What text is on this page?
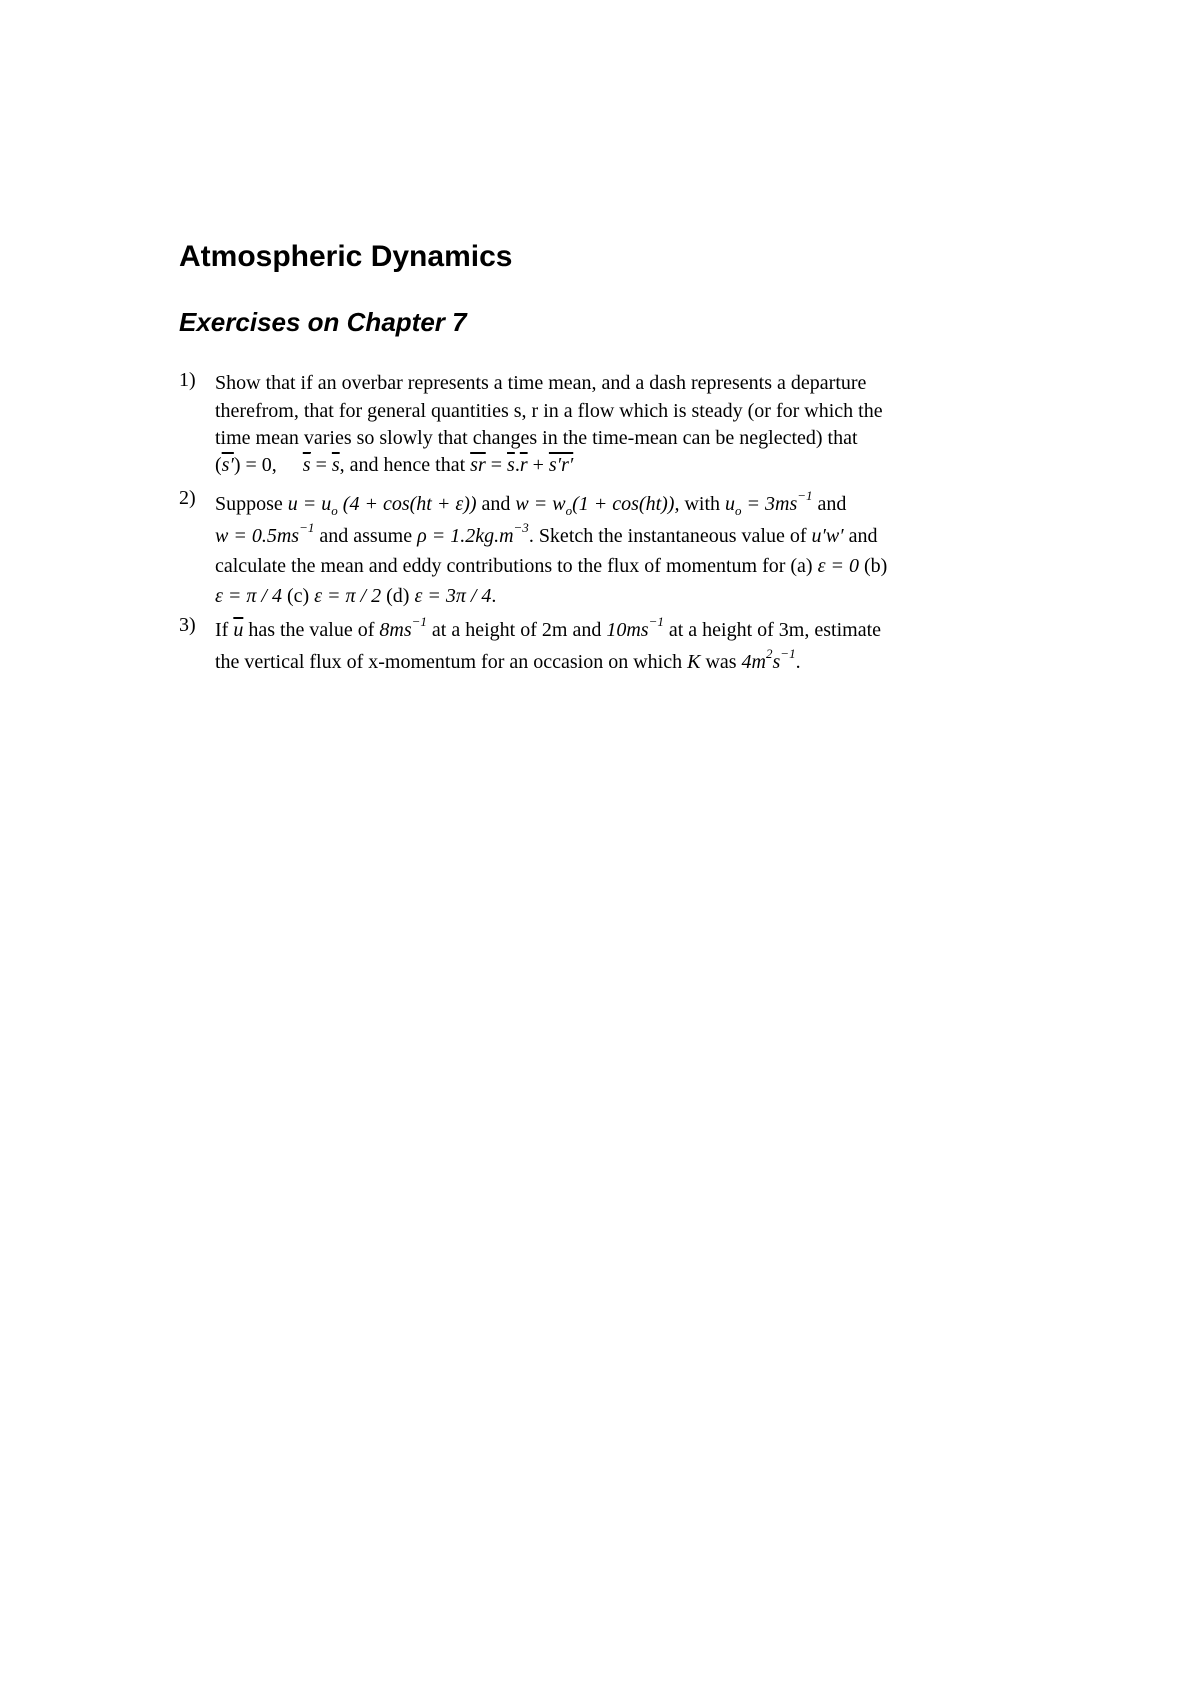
Atmospheric Dynamics
Exercises on Chapter 7
1) Show that if an overbar represents a time mean, and a dash represents a departure
therefrom, that for general quantities s, r in a flow which is steady (or for which the
time mean varies so slowly that changes in the time-mean can be neglected) that
(s′) = 0, $\overline{s} = \overline{s}$, and hence that $\overline{sr} = \overline{s}.\overline{r} + s'r'$
2) Suppose $u = u_o$ (4 + cos(ht + ε)) and $w = w_o(1 + \cos(ht))$, with $u_o = 3ms^{-1}$ and
$w = 0.5ms^{-1}$ and assume $\rho = 1.2kg.m^{-3}$. Sketch the instantaneous value of u′w′ and
calculate the mean and eddy contributions to the flux of momentum for (a) ε = 0 (b)
ε = π / 4 (c) ε = π / 2 (d) ε = 3π / 4.
3) If $\overline{u}$ has the value of $8ms^{-1}$ at a height of 2m and $10ms^{-1}$ at a height of 3m, estimate
the vertical flux of x-momentum for an occasion on which K was $4m^2s^{-1}$.
